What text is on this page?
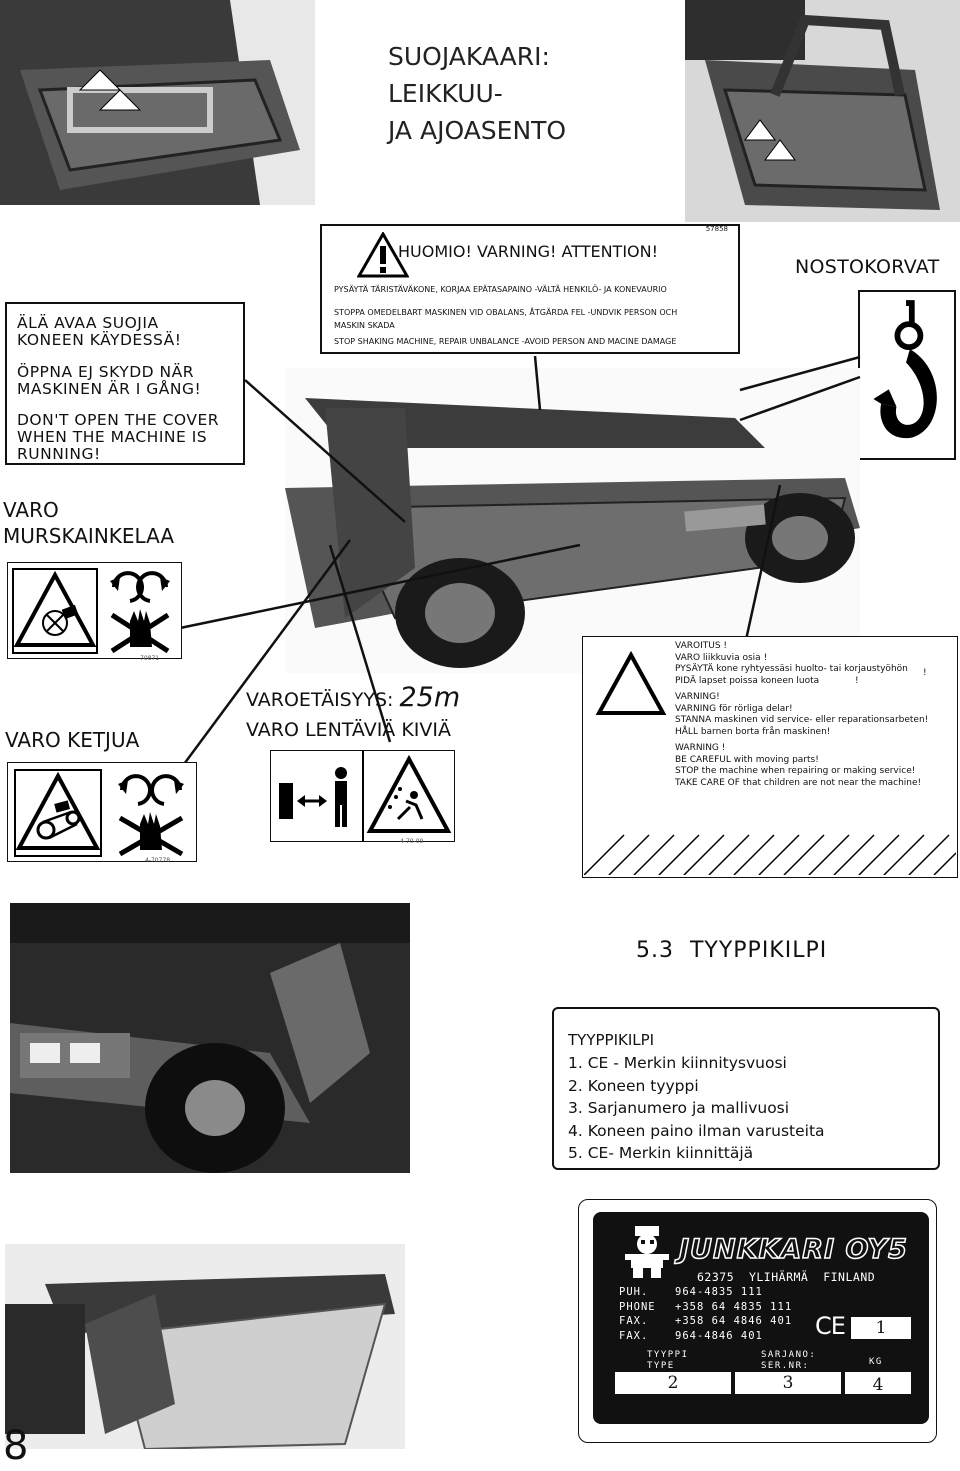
SUOJAKAARI:
LEIKKUU-
JA AJOASENTO
57858
HUOMIO! VARNING! ATTENTION!
PYSÄYTÄ TÄRISTÄVÄKONE, KORJAA EPÄTASAPAINO -VÄLTÄ HENKILÖ- JA KONEVAURIO
STOPPA OMEDELBART MASKINEN VID OBALANS, ÅTGÄRDA FEL -UNDVIK PERSON OCH MASKIN SKADA
STOP SHAKING MACHINE, REPAIR UNBALANCE -AVOID PERSON AND MACINE DAMAGE
NOSTOKORVAT
ÄLÄ AVAA SUOJIA
KONEEN KÄYDESSÄ!
ÖPPNA EJ SKYDD NÄR
MASKINEN ÄR I GÅNG!
DON'T OPEN THE COVER
WHEN THE MACHINE IS
RUNNING!
VARO
MURSKAINKELAA
70871
VARO KETJUA
4-70778
VAROETÄISYYS: 25m
VARO LENTÄVIÄ KIVIÄ
4-70-09
VAROITUS !
VARO liikkuvia osia !
PYSÄYTÄ kone ryhtyessäsi huolto- tai korjaustyöhön !
PIDÄ lapset poissa koneen luota	!
VARNING!
VARNING för rörliga delar!
STANNA maskinen vid service- eller reparationsarbeten!
HÅLL barnen borta från maskinen!
WARNING !
BE CAREFUL with moving parts!
STOP the machine when repairing or making service!
TAKE CARE OF that children are not near the machine!
5.3  TYYPPIKILPI
TYYPPIKILPI
1. CE - Merkin kiinnitysvuosi
2. Koneen tyyppi
3. Sarjanumero ja mallivuosi
4. Koneen paino ilman varusteita
5. CE- Merkin kiinnittäjä
JUNKKARI OY5
62375  YLIHÄRMÄ  FINLAND
PUH.	964-4835 111
PHONE +358 64 4835 111
FAX.	+358 64 4846 401
FAX.	964-4846 401	CE	1
TYYPPI
TYPE
SARJANO:
SER.NR:	KG
2	3	4	4-57335
8
